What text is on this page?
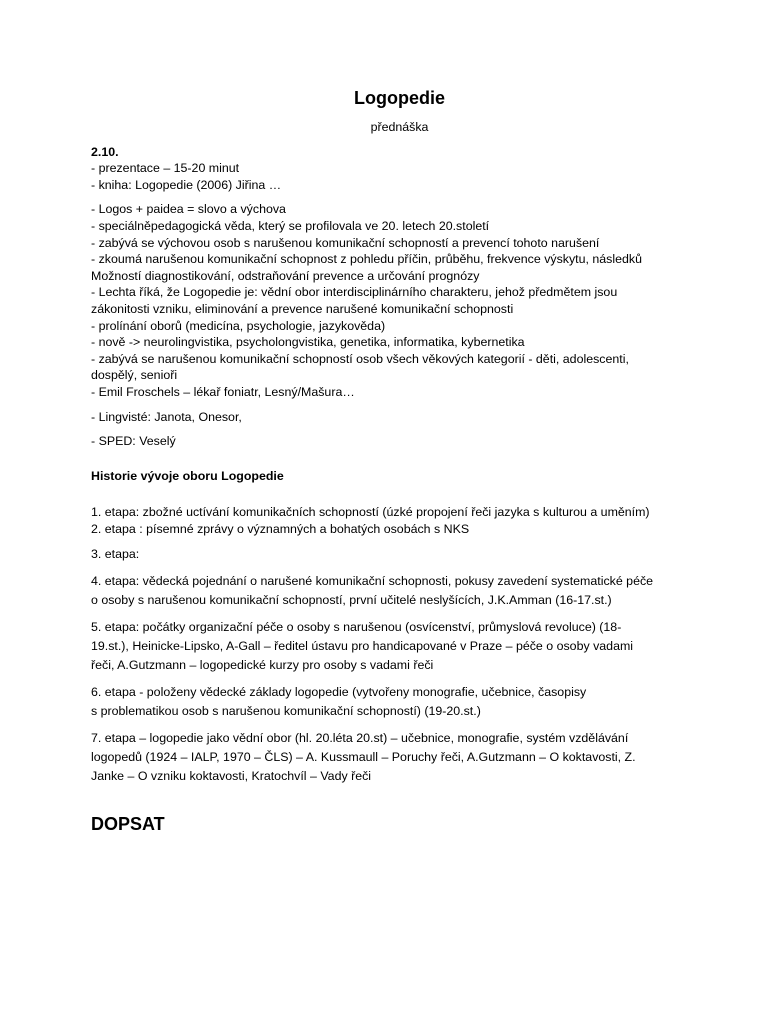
Logopedie
přednáška
2.10.
- prezentace – 15-20 minut
- kniha: Logopedie (2006) Jiřina …
- Logos + paidea = slovo a výchova
- speciálněpedagogická věda, který se profilovala ve 20. letech 20.století
- zabývá se výchovou osob s narušenou komunikační schopností a prevencí tohoto narušení
- zkoumá narušenou komunikační schopnost z pohledu příčin, průběhu, frekvence výskytu, následků
Možností diagnostikování, odstraňování prevence a určování prognózy
- Lechta říká, že Logopedie je: vědní obor interdisciplinárního charakteru, jehož předmětem jsou
zákonitosti vzniku, eliminování a prevence narušené komunikační schopnosti
- prolínání oborů (medicína, psychologie, jazykověda)
- nově -> neurolingvistika, psycholongvistika, genetika, informatika, kybernetika
- zabývá se narušenou komunikační schopností osob všech věkových kategorií - děti, adolescenti,
dospělý, senioři
- Emil Froschels – lékař foniatr, Lesný/Mašura…
- Lingvisté: Janota, Onesor,
- SPED: Veselý
Historie vývoje oboru Logopedie
1. etapa: zbožné uctívání komunikačních schopností (úzké propojení řeči jazyka s kulturou a uměním)
2. etapa : písemné zprávy o významných a bohatých osobách s NKS
3. etapa:
4. etapa: vědecká pojednání o narušené komunikační schopnosti, pokusy zavedení systematické péče
o osoby s narušenou komunikační schopností, první učitelé neslyšících, J.K.Amman (16-17.st.)
5. etapa: počátky organizační péče o osoby s narušenou (osvícenství, průmyslová revoluce) (18-
19.st.), Heinicke-Lipsko, A-Gall – ředitel ústavu pro handicapované v Praze – péče o osoby vadami
řeči, A.Gutzmann – logopedické kurzy pro osoby s vadami řeči
6. etapa - položeny vědecké základy logopedie (vytvořeny monografie, učebnice, časopisy
s problematikou osob s narušenou komunikační schopností) (19-20.st.)
7. etapa – logopedie jako vědní obor (hl. 20.léta 20.st) – učebnice, monografie, systém vzdělávání
logopedů (1924 – IALP, 1970 – ČLS) – A. Kussmaull – Poruchy řeči, A.Gutzmann – O koktavosti, Z.
Janke – O vzniku koktavosti, Kratochvíl – Vady řeči
DOPSAT
